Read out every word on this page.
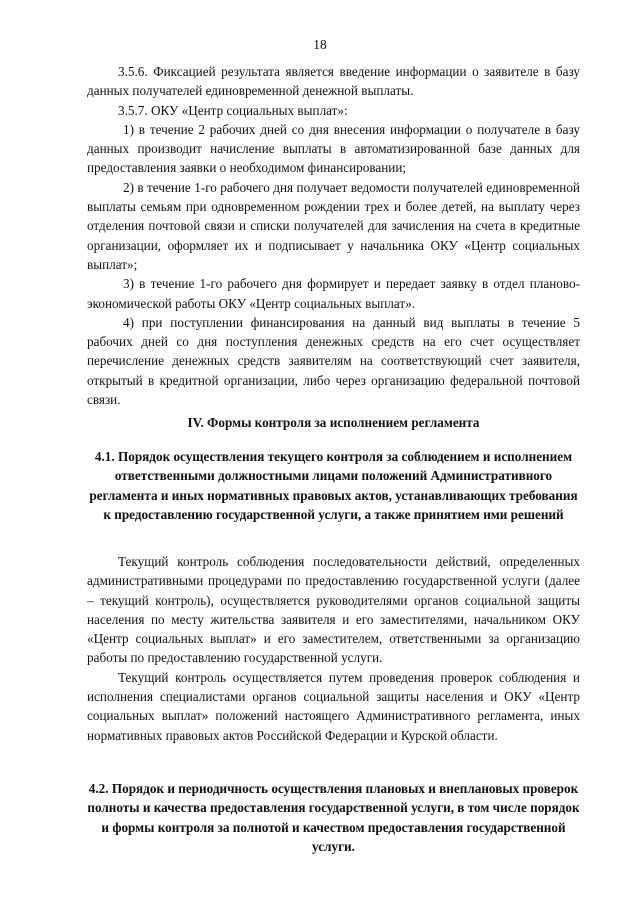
18

3.5.6. Фиксацией результата является введение информации о заявителе в базу данных получателей единовременной денежной выплаты.

3.5.7. ОКУ «Центр социальных выплат»:

1) в течение 2 рабочих дней со дня внесения информации о получателе в базу данных производит начисление выплаты в автоматизированной базе данных для предоставления заявки о необходимом финансировании;

2) в течение 1-го рабочего дня получает ведомости получателей единовременной выплаты семьям при одновременном рождении трех и более детей, на выплату через отделения почтовой связи и списки получателей для зачисления на счета в кредитные организации, оформляет их и подписывает у начальника ОКУ «Центр социальных выплат»;

3) в течение 1-го рабочего дня формирует и передает заявку в отдел планово-экономической работы ОКУ «Центр социальных выплат».

4) при поступлении финансирования на данный вид выплаты в течение 5 рабочих дней со дня поступления денежных средств на его счет осуществляет перечисление денежных средств заявителям на соответствующий счет заявителя, открытый в кредитной организации, либо через организацию федеральной почтовой связи.

IV. Формы контроля за исполнением регламента

4.1. Порядок осуществления текущего контроля за соблюдением и исполнением ответственными должностными лицами положений Административного регламента и иных нормативных правовых актов, устанавливающих требования к предоставлению государственной услуги, а также принятием ими решений

Текущий контроль соблюдения последовательности действий, определенных административными процедурами по предоставлению государственной услуги (далее – текущий контроль), осуществляется руководителями органов социальной защиты населения по месту жительства заявителя и его заместителями, начальником ОКУ «Центр социальных выплат» и его заместителем, ответственными за организацию работы по предоставлению государственной услуги.

Текущий контроль осуществляется путем проведения проверок соблюдения и исполнения специалистами органов социальной защиты населения и ОКУ «Центр социальных выплат» положений настоящего Административного регламента, иных нормативных правовых актов Российской Федерации и Курской области.

4.2. Порядок и периодичность осуществления плановых и внеплановых проверок полноты и качества предоставления государственной услуги, в том числе порядок и формы контроля за полнотой и качеством предоставления государственной услуги.
